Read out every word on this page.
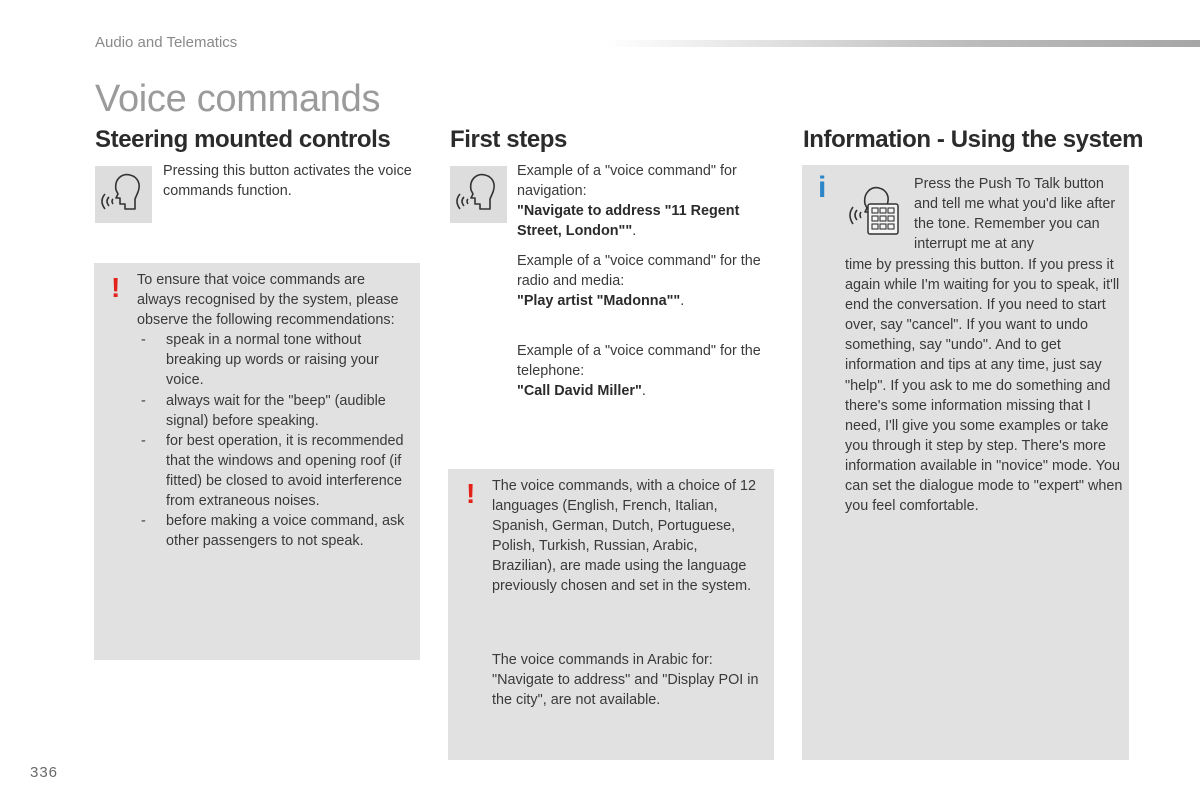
Audio and Telematics
Voice commands
Steering mounted controls
Pressing this button activates the voice commands function.
! To ensure that voice commands are always recognised by the system, please observe the following recommendations:
- speak in a normal tone without breaking up words or raising your voice.
- always wait for the "beep" (audible signal) before speaking.
- for best operation, it is recommended that the windows and opening roof (if fitted) be closed to avoid interference from extraneous noises.
- before making a voice command, ask other passengers to not speak.
First steps
Example of a "voice command" for navigation:
"Navigate to address "11 Regent Street, London"".
Example of a "voice command" for the radio and media:
"Play artist "Madonna"".
Example of a "voice command" for the telephone:
"Call David Miller".
! The voice commands, with a choice of 12 languages (English, French, Italian, Spanish, German, Dutch, Portuguese, Polish, Turkish, Russian, Arabic, Brazilian), are made using the language previously chosen and set in the system.
The voice commands in Arabic for: "Navigate to address" and "Display POI in the city", are not available.
Information - Using the system
i	Press the Push To Talk button and tell me what you'd like after the tone. Remember you can interrupt me at any
time by pressing this button. If you press it again while I'm waiting for you to speak, it'll end the conversation. If you need to start over, say "cancel". If you want to undo something, say "undo". And to get information and tips at any time, just say "help". If you ask to me do something and there's some information missing that I need, I'll give you some examples or take you through it step by step. There's more information available in "novice" mode. You can set the dialogue mode to "expert" when you feel comfortable.
336
